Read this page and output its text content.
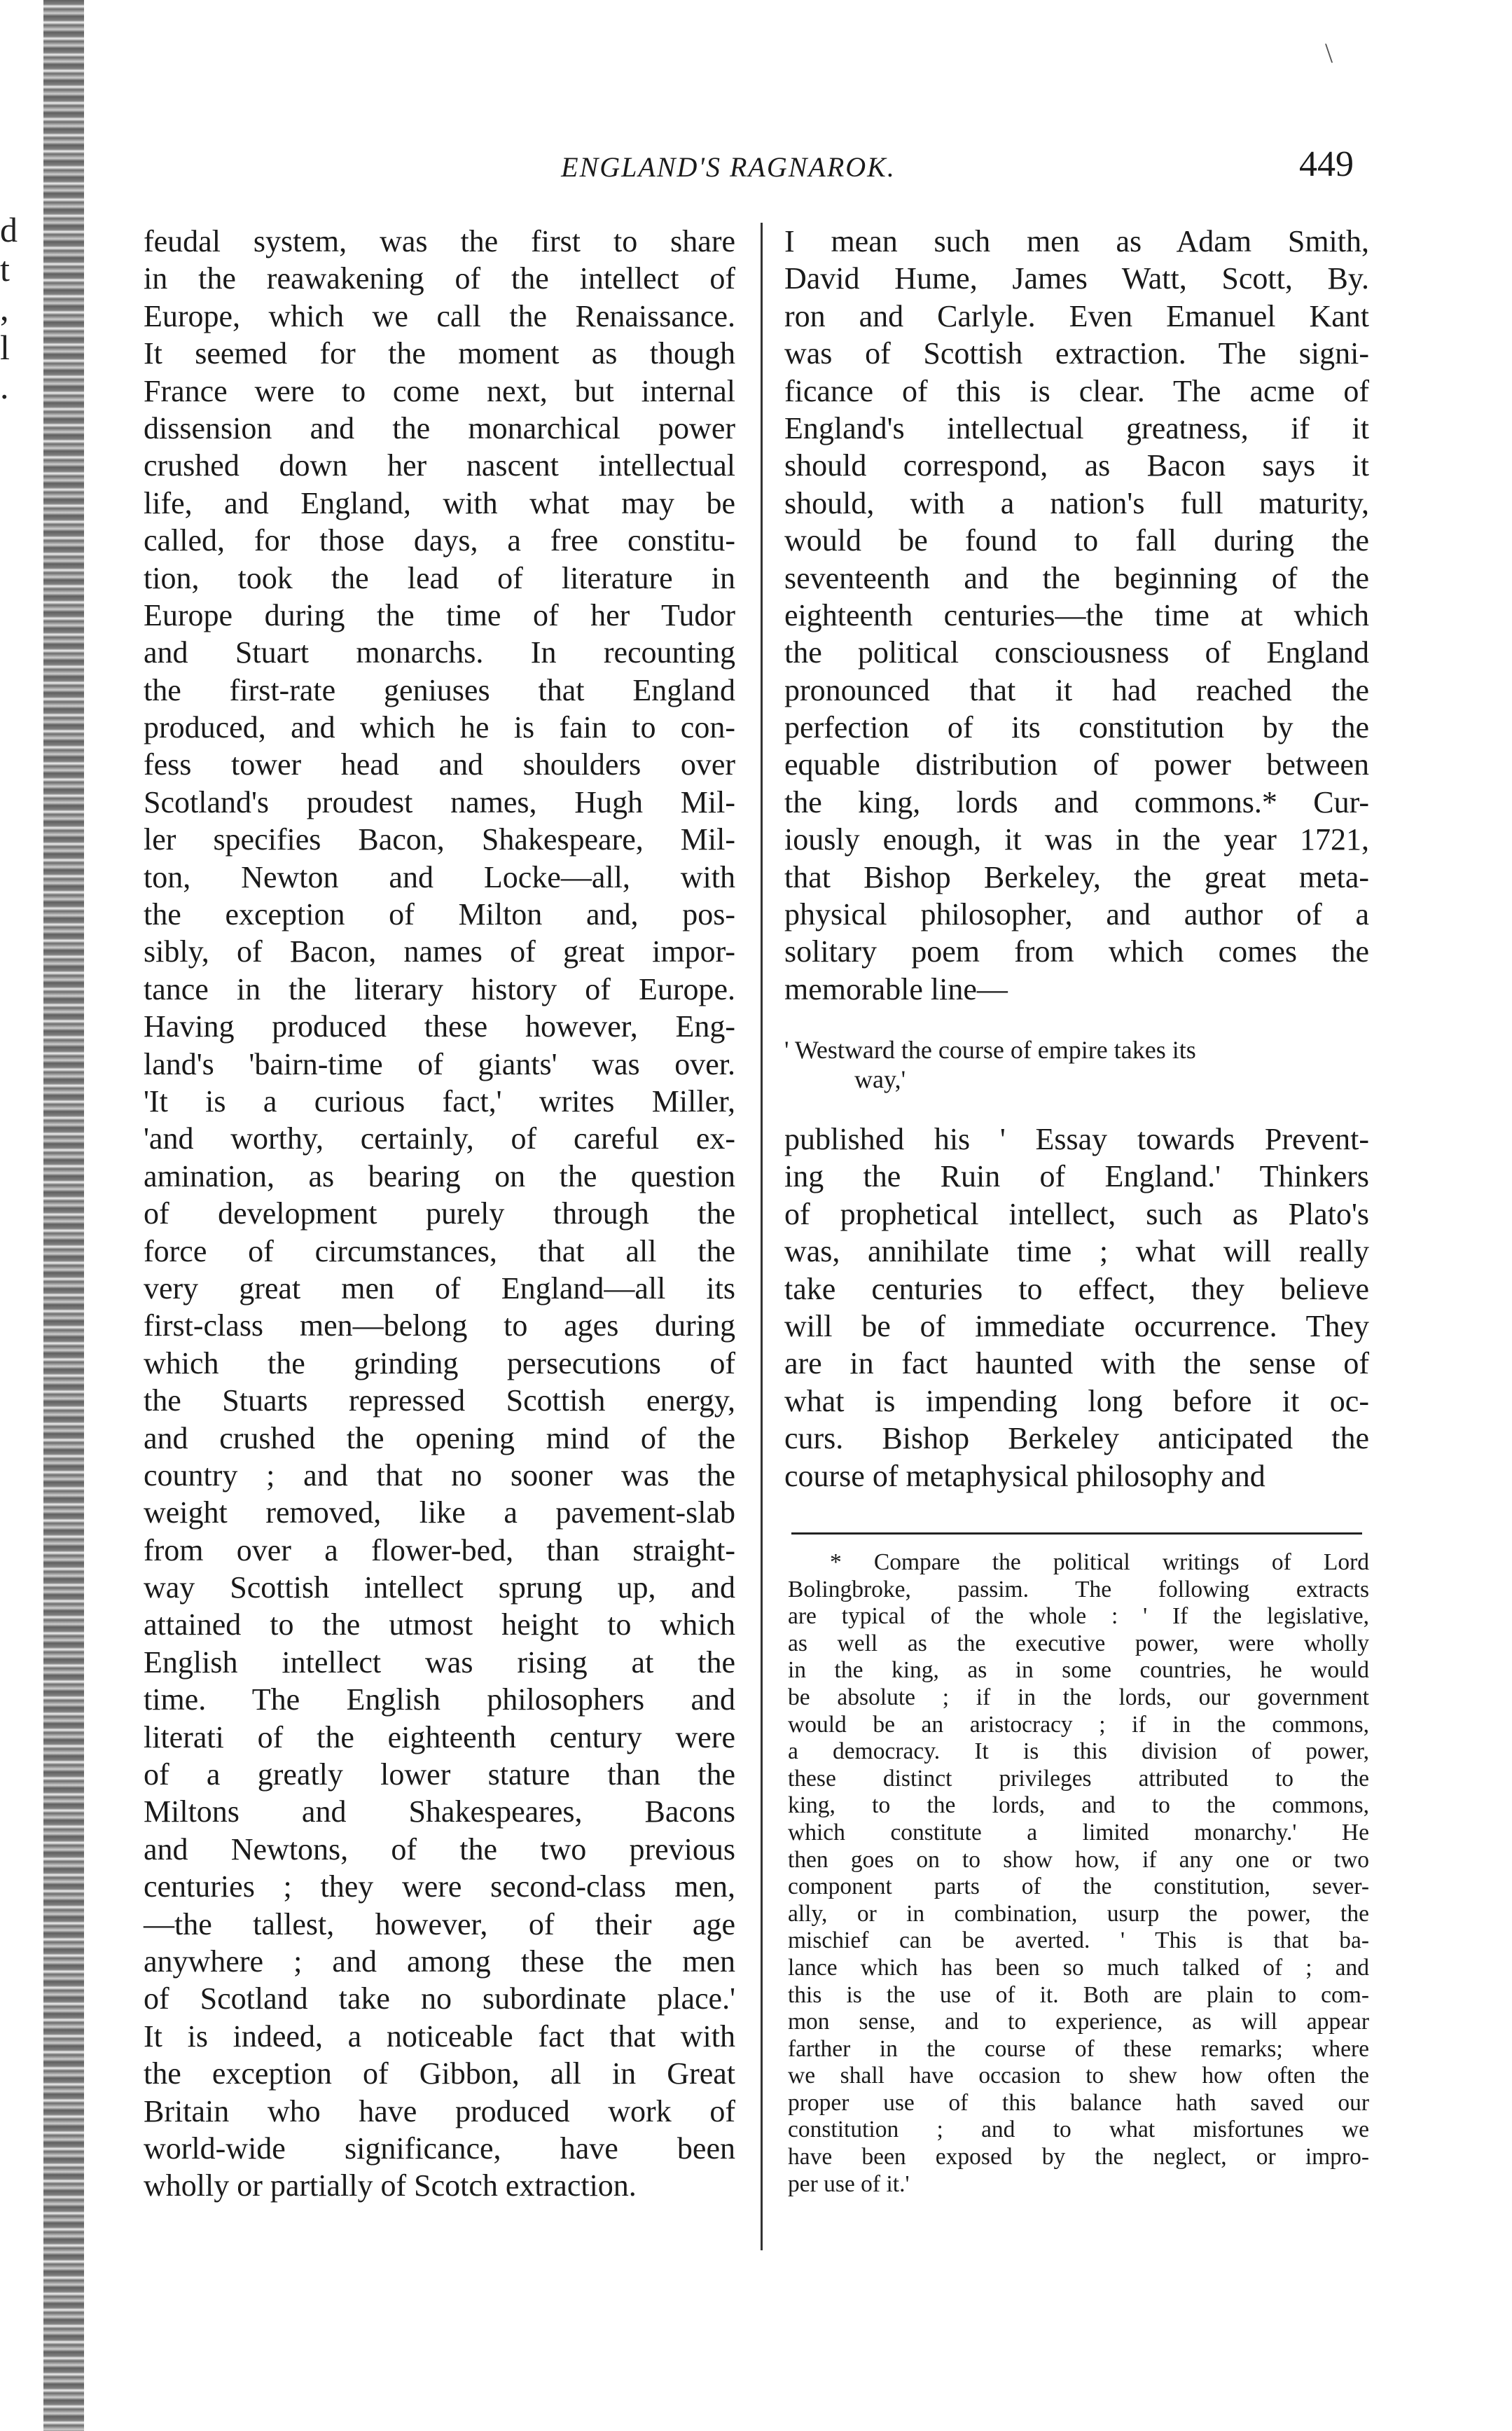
d
t
,
l
.
\
ENGLAND'S RAGNAROK.	449
feudal system, was the first to share
in the reawakening of the intellect of
Europe, which we call the Renaissance.
It seemed for the moment as though
France were to come next, but internal
dissension and the monarchical power
crushed down her nascent intellectual
life, and England, with what may be
called, for those days, a free constitu-
tion, took the lead of literature in
Europe during the time of her Tudor
and Stuart monarchs. In recounting
the first-rate geniuses that England
produced, and which he is fain to con-
fess tower head and shoulders over
Scotland's proudest names, Hugh Mil-
ler specifies Bacon, Shakespeare, Mil-
ton, Newton and Locke—all, with
the exception of Milton and, pos-
sibly, of Bacon, names of great impor-
tance in the literary history of Europe.
Having produced these however, Eng-
land's 'bairn-time of giants' was over.
'It is a curious fact,' writes Miller,
'and worthy, certainly, of careful ex-
amination, as bearing on the question
of development purely through the
force of circumstances, that all the
very great men of England—all its
first-class men—belong to ages during
which the grinding persecutions of
the Stuarts repressed Scottish energy,
and crushed the opening mind of the
country ; and that no sooner was the
weight removed, like a pavement-slab
from over a flower-bed, than straight-
way Scottish intellect sprung up, and
attained to the utmost height to which
English intellect was rising at the
time. The English philosophers and
literati of the eighteenth century were
of a greatly lower stature than the
Miltons and Shakespeares, Bacons
and Newtons, of the two previous
centuries ; they were second-class men,
—the tallest, however, of their age
anywhere ; and among these the men
of Scotland take no subordinate place.'
It is indeed, a noticeable fact that with
the exception of Gibbon, all in Great
Britain who have produced work of
world-wide significance, have been
wholly or partially of Scotch extraction.
I mean such men as Adam Smith,
David Hume, James Watt, Scott, By.
ron and Carlyle. Even Emanuel Kant
was of Scottish extraction. The signi-
ficance of this is clear. The acme of
England's intellectual greatness, if it
should correspond, as Bacon says it
should, with a nation's full maturity,
would be found to fall during the
seventeenth and the beginning of the
eighteenth centuries—the time at which
the political consciousness of England
pronounced that it had reached the
perfection of its constitution by the
equable distribution of power between
the king, lords and commons.* Cur-
iously enough, it was in the year 1721,
that Bishop Berkeley, the great meta-
physical philosopher, and author of a
solitary poem from which comes the
memorable line—
' Westward the course of empire takes its
way,'
published his ' Essay towards Prevent-
ing the Ruin of England.' Thinkers
of prophetical intellect, such as Plato's
was, annihilate time ; what will really
take centuries to effect, they believe
will be of immediate occurrence. They
are in fact haunted with the sense of
what is impending long before it oc-
curs. Bishop Berkeley anticipated the
course of metaphysical philosophy and
* Compare the political writings of Lord
Bolingbroke, passim. The following extracts
are typical of the whole : ' If the legislative,
as well as the executive power, were wholly
in the king, as in some countries, he would
be absolute ; if in the lords, our government
would be an aristocracy ; if in the commons,
a democracy. It is this division of power,
these distinct privileges attributed to the
king, to the lords, and to the commons,
which constitute a limited monarchy.' He
then goes on to show how, if any one or two
component parts of the constitution, sever-
ally, or in combination, usurp the power, the
mischief can be averted. ' This is that ba-
lance which has been so much talked of ; and
this is the use of it. Both are plain to com-
mon sense, and to experience, as will appear
farther in the course of these remarks; where
we shall have occasion to shew how often the
proper use of this balance hath saved our
constitution ; and to what misfortunes we
have been exposed by the neglect, or impro-
per use of it.'
